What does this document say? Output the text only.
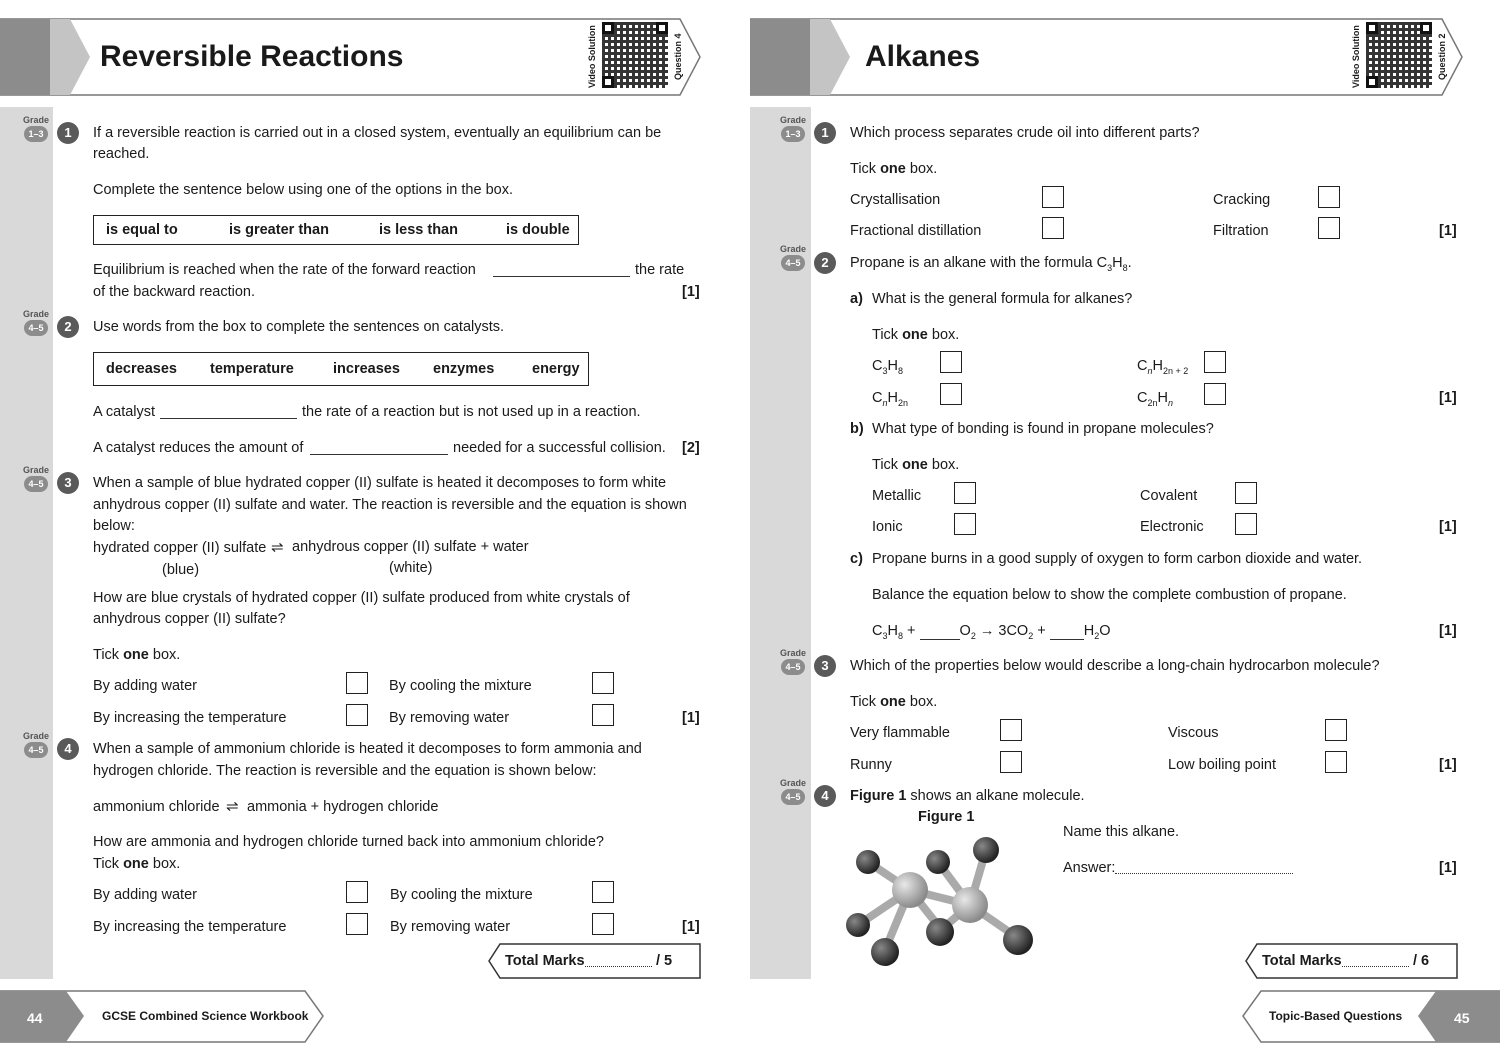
Reversible Reactions	Video Solution	Question 4
Grade
1–3	1	If a reversible reaction is carried out in a closed system, eventually an equilibrium can be
reached.
Complete the sentence below using one of the options in the box.
is equal to	is greater than	is less than	is double
Equilibrium is reached when the rate of the forward reaction	the rate
of the backward reaction.	[1]
Grade
4–5	2	Use words from the box to complete the sentences on catalysts.
decreases temperature	increases enzymes	energy
A catalyst	the rate of a reaction but is not used up in a reaction.
A catalyst reduces the amount of	needed for a successful collision. [2]
Grade
4–5	3	When a sample of blue hydrated copper (II) sulfate is heated it decomposes to form white
anhydrous copper (II) sulfate and water. The reaction is reversible and the equation is shown
below:
hydrated copper (II) sulfate ⇌ anhydrous copper (II) sulfate + water
(blue)	(white)
How are blue crystals of hydrated copper (II) sulfate produced from white crystals of
anhydrous copper (II) sulfate?
Tick one box.
By adding water	By cooling the mixture
By increasing the temperature	By removing water	[1]
Grade
4–5	4	When a sample of ammonium chloride is heated it decomposes to form ammonia and
hydrogen chloride. The reaction is reversible and the equation is shown below:
ammonium chloride ⇌ ammonia + hydrogen chloride
How are ammonia and hydrogen chloride turned back into ammonium chloride?
Tick one box.
By adding water	By cooling the mixture
By increasing the temperature	By removing water	[1]
Total Marks	/ 5
44	GCSE Combined Science Workbook
Alkanes	Video Solution	Question 2
Grade
1–3	1	Which process separates crude oil into different parts?
Tick one box.
Crystallisation	Cracking
Fractional distillation	Filtration	[1]
Grade
4–5	2	Propane is an alkane with the formula $C_3H_8$.
a) What is the general formula for alkanes?
Tick one box.
$C_3H_8$	$C_nH_{2n + 2}$
$C_nH_{2n}$	$C_{2n}H_n$	[1]
b) What type of bonding is found in propane molecules?
Tick one box.
Metallic	Covalent
Ionic	Electronic	[1]
c) Propane burns in a good supply of oxygen to form carbon dioxide and water.
Balance the equation below to show the complete combustion of propane.
$C_3H_8$ +	$O_2 \to 3CO_2$ +	$H_2O$	[1]
Grade
4–5	3	Which of the properties below would describe a long-chain hydrocarbon molecule?
Tick one box.
Very flammable	Viscous
Runny	Low boiling point	[1]
Grade
4–5	4	Figure 1 shows an alkane molecule.
Figure 1
Name this alkane.
Answer:	[1]
Total Marks	/ 6
Topic-Based Questions	45
